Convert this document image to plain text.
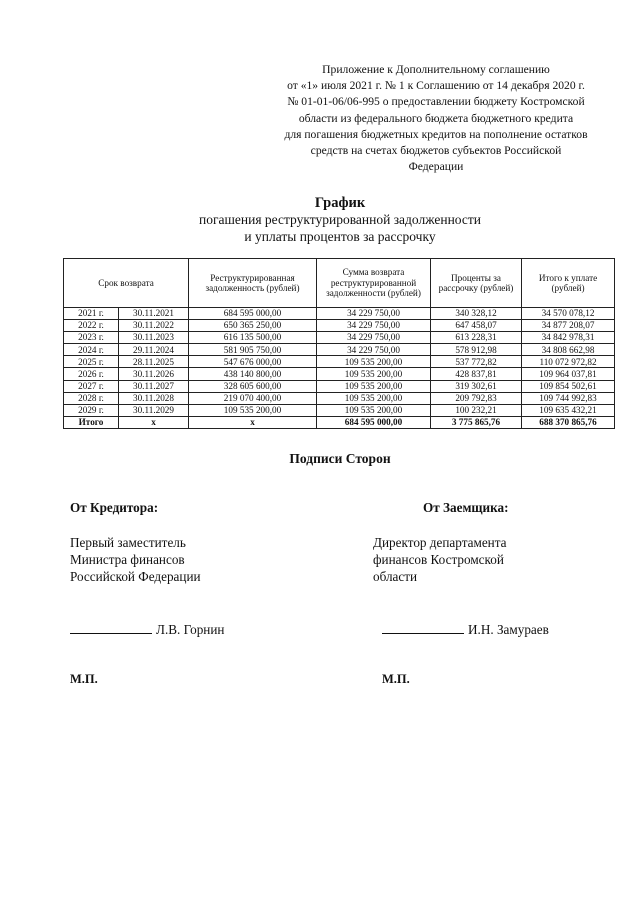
Приложение к Дополнительному соглашению
от «1» июля 2021 г. № 1 к Соглашению от 14 декабря 2020 г.
№ 01-01-06/06-995 о предоставлении бюджету Костромской
области из федерального бюджета бюджетного кредита
для погашения бюджетных кредитов на пополнение остатков
средств на счетах бюджетов субъектов Российской
Федерации
График
погашения реструктурированной задолженности
и уплаты процентов за рассрочку
Срок возврата		Реструктурированная задолженность (рублей)	Сумма возврата реструктурированной задолженности (рублей)	Проценты за рассрочку (рублей)	Итого к уплате (рублей)
2021 г.	30.11.2021	684 595 000,00	34 229 750,00	340 328,12	34 570 078,12
2022 г.	30.11.2022	650 365 250,00	34 229 750,00	647 458,07	34 877 208,07
2023 г.	30.11.2023	616 135 500,00	34 229 750,00	613 228,31	34 842 978,31
2024 г.	29.11.2024	581 905 750,00	34 229 750,00	578 912,98	34 808 662,98
2025 г.	28.11.2025	547 676 000,00	109 535 200,00	537 772,82	110 072 972,82
2026 г.	30.11.2026	438 140 800,00	109 535 200,00	428 837,81	109 964 037,81
2027 г.	30.11.2027	328 605 600,00	109 535 200,00	319 302,61	109 854 502,61
2028 г.	30.11.2028	219 070 400,00	109 535 200,00	209 792,83	109 744 992,83
2029 г.	30.11.2029	109 535 200,00	109 535 200,00	100 232,21	109 635 432,21
Итого	x	x	684 595 000,00	3 775 865,76	688 370 865,76
Подписи Сторон
От Кредитора:
Первый заместитель
Министра финансов
Российской Федерации
От Заемщика:
Директор департамента
финансов Костромской
области
Л.В. Горнин	И.Н. Замураев
М.П.	М.П.
